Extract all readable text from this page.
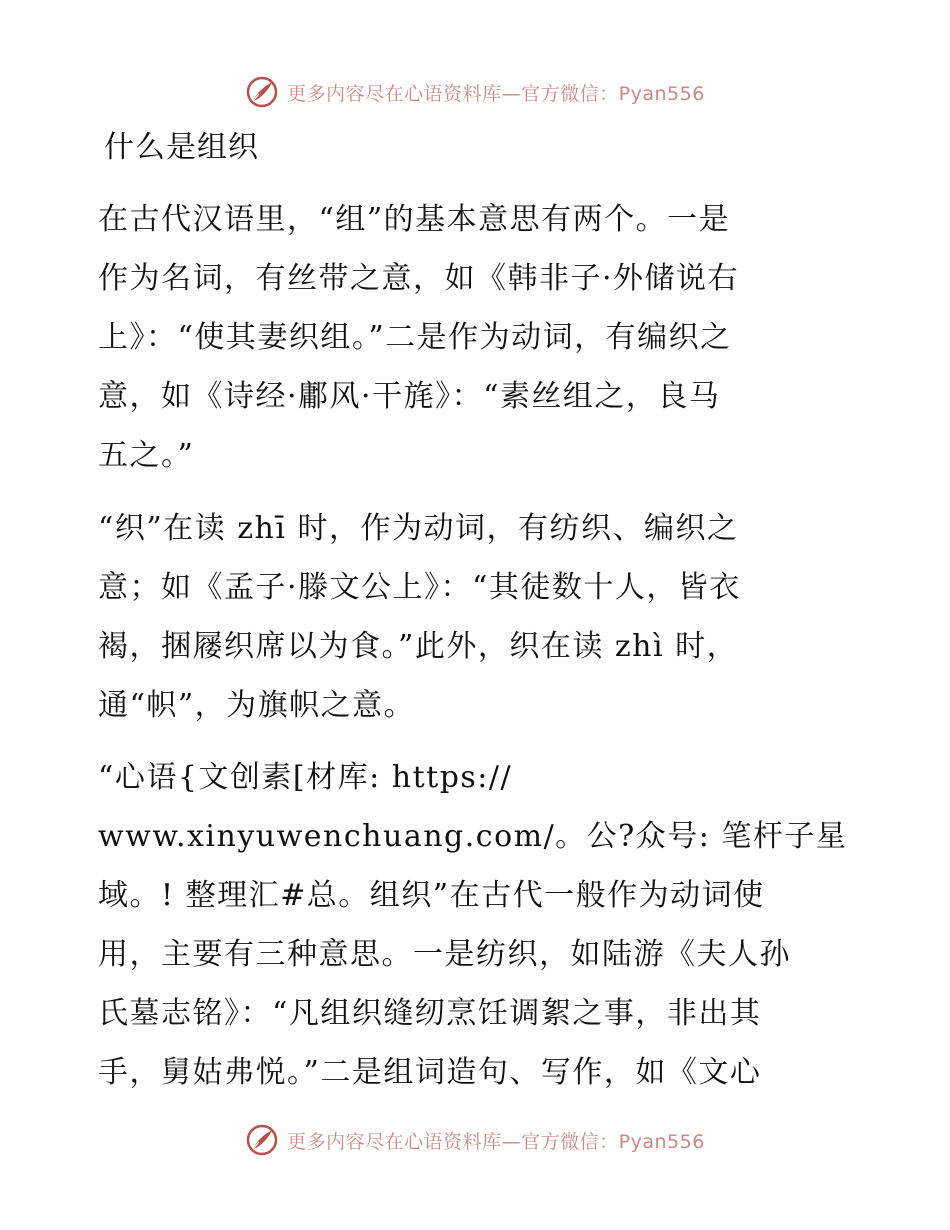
更多内容尽在心语资料库—官方微信：Pyan556
什么是组织

在古代汉语里，“组”的基本意思有两个。一是
作为名词，有丝带之意，如《韩非子·外储说右
上》：“使其妻织组。”二是作为动词，有编织之
意，如《诗经·鄘风·干旄》：“素丝组之，良马
五之。”

“织”在读 zhī 时，作为动词，有纺织、编织之
意；如《孟子·滕文公上》：“其徒数十人，皆衣
褐，捆屦织席以为食。”此外，织在读 zhì 时，
通“帜”，为旗帜之意。

“心语{文创素[材库: https://
www.xinyuwenchuang.com/。公?众号: 笔杆子星
域。! 整理汇#总。组织”在古代一般作为动词使
用，主要有三种意思。一是纺织，如陆游《夫人孙
氏墓志铭》：“凡组织缝纫烹饪调絮之事，非出其
手，舅姑弗悦。”二是组词造句、写作，如《文心

更多内容尽在心语资料库—官方微信：Pyan556
